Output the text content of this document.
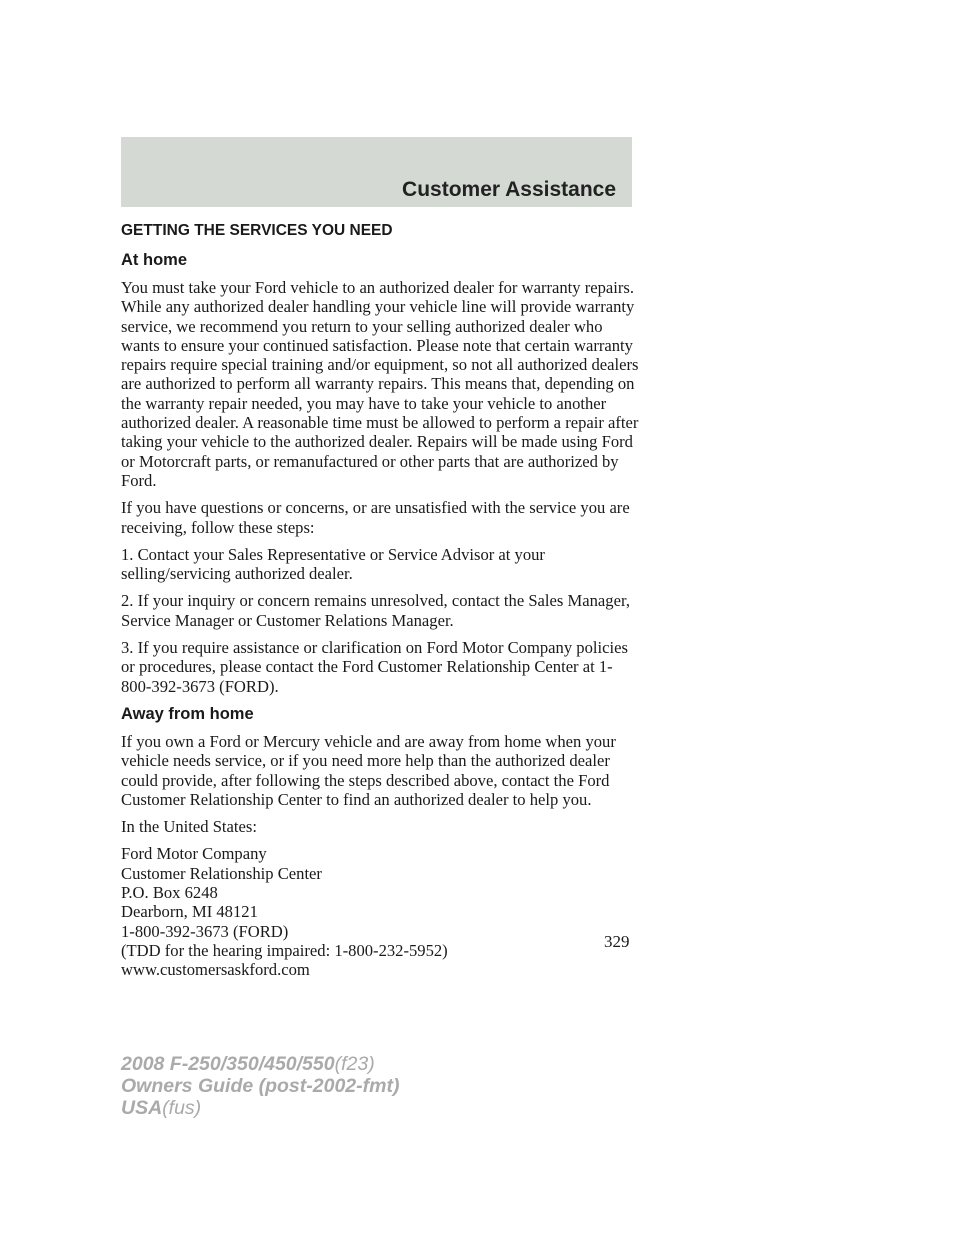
Customer Assistance
GETTING THE SERVICES YOU NEED
At home

You must take your Ford vehicle to an authorized dealer for warranty repairs. While any authorized dealer handling your vehicle line will provide warranty service, we recommend you return to your selling authorized dealer who wants to ensure your continued satisfaction. Please note that certain warranty repairs require special training and/or equipment, so not all authorized dealers are authorized to perform all warranty repairs. This means that, depending on the warranty repair needed, you may have to take your vehicle to another authorized dealer. A reasonable time must be allowed to perform a repair after taking your vehicle to the authorized dealer. Repairs will be made using Ford or Motorcraft parts, or remanufactured or other parts that are authorized by Ford.

If you have questions or concerns, or are unsatisfied with the service you are receiving, follow these steps:

1. Contact your Sales Representative or Service Advisor at your selling/servicing authorized dealer.

2. If your inquiry or concern remains unresolved, contact the Sales Manager, Service Manager or Customer Relations Manager.

3. If you require assistance or clarification on Ford Motor Company policies or procedures, please contact the Ford Customer Relationship Center at 1-800-392-3673 (FORD).

Away from home

If you own a Ford or Mercury vehicle and are away from home when your vehicle needs service, or if you need more help than the authorized dealer could provide, after following the steps described above, contact the Ford Customer Relationship Center to find an authorized dealer to help you.

In the United States:

Ford Motor Company
Customer Relationship Center
P.O. Box 6248
Dearborn, MI 48121
1-800-392-3673 (FORD)
(TDD for the hearing impaired: 1-800-232-5952)
www.customersaskford.com

329
2008 F-250/350/450/550(f23)
Owners Guide (post-2002-fmt)
USA(fus)
